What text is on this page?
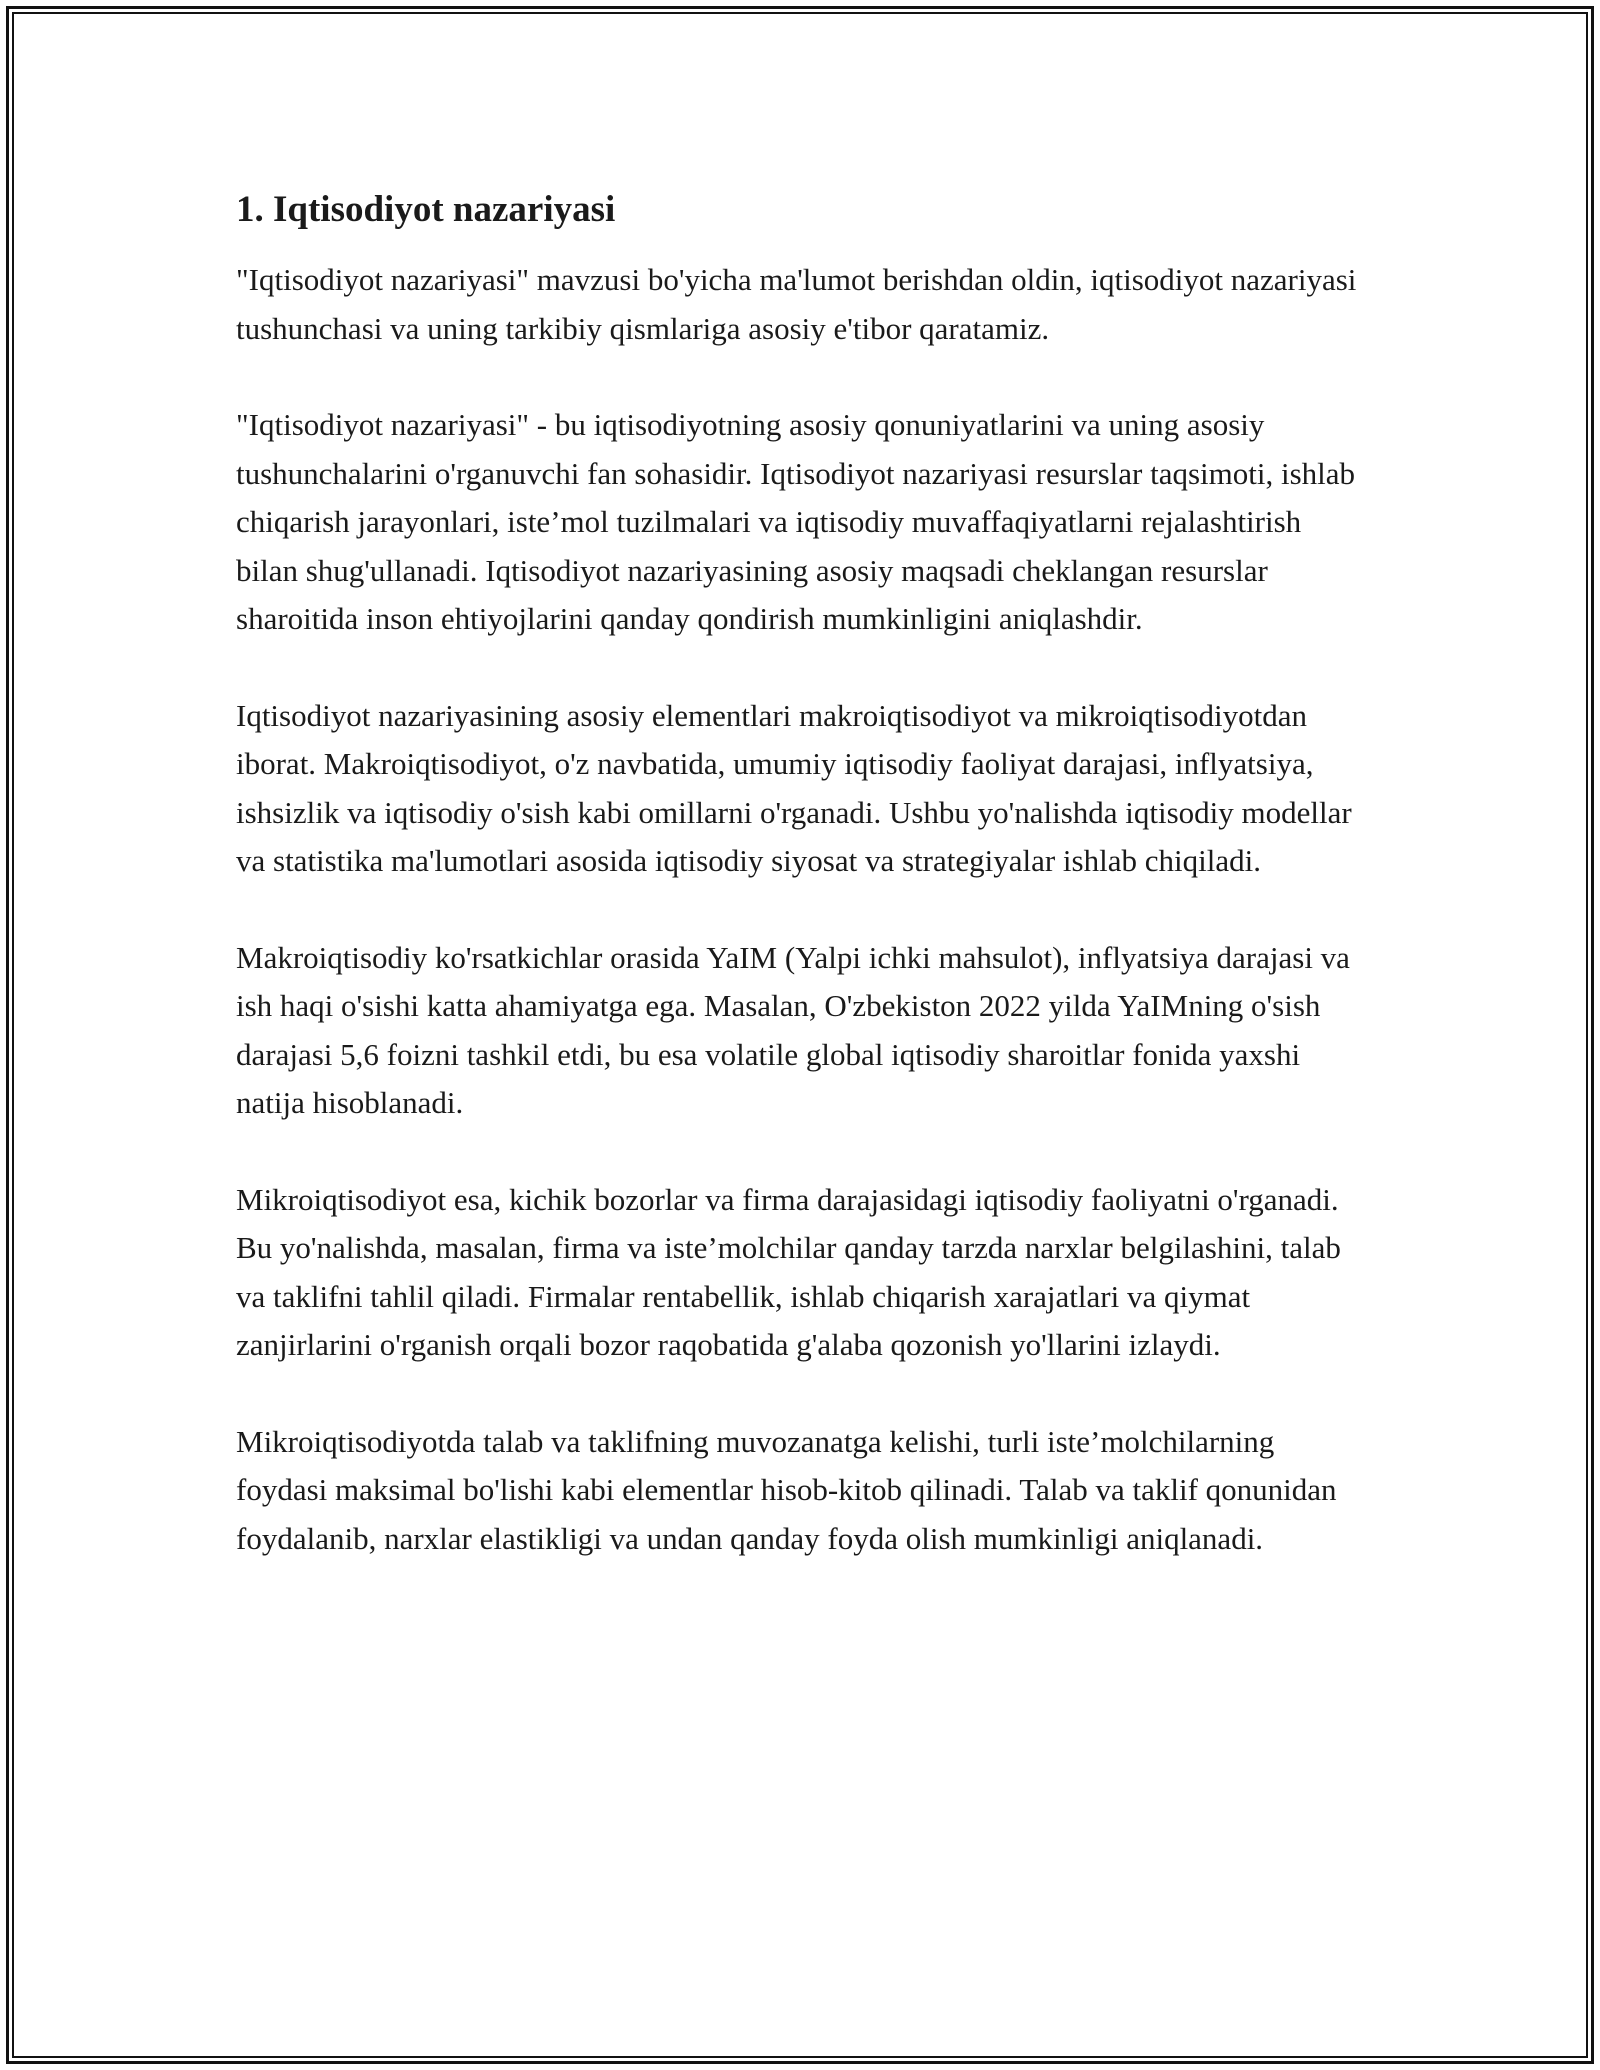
1. Iqtisodiyot nazariyasi

"Iqtisodiyot nazariyasi" mavzusi bo'yicha ma'lumot berishdan oldin, iqtisodiyot nazariyasi tushunchasi va uning tarkibiy qismlariga asosiy e'tibor qaratamiz.

"Iqtisodiyot nazariyasi" - bu iqtisodiyotning asosiy qonuniyatlarini va uning asosiy tushunchalarini o'rganuvchi fan sohasidir. Iqtisodiyot nazariyasi resurslar taqsimoti, ishlab chiqarish jarayonlari, iste’mol tuzilmalari va iqtisodiy muvaffaqiyatlarni rejalashtirish bilan shug'ullanadi. Iqtisodiyot nazariyasining asosiy maqsadi cheklangan resurslar sharoitida inson ehtiyojlarini qanday qondirish mumkinligini aniqlashdir.

Iqtisodiyot nazariyasining asosiy elementlari makroiqtisodiyot va mikroiqtisodiyotdan iborat. Makroiqtisodiyot, o'z navbatida, umumiy iqtisodiy faoliyat darajasi, inflyatsiya, ishsizlik va iqtisodiy o'sish kabi omillarni o'rganadi. Ushbu yo'nalishda iqtisodiy modellar va statistika ma'lumotlari asosida iqtisodiy siyosat va strategiyalar ishlab chiqiladi.

Makroiqtisodiy ko'rsatkichlar orasida YaIM (Yalpi ichki mahsulot), inflyatsiya darajasi va ish haqi o'sishi katta ahamiyatga ega. Masalan, O'zbekiston 2022 yilda YaIMning o'sish darajasi 5,6 foizni tashkil etdi, bu esa volatile global iqtisodiy sharoitlar fonida yaxshi natija hisoblanadi.

Mikroiqtisodiyot esa, kichik bozorlar va firma darajasidagi iqtisodiy faoliyatni o'rganadi. Bu yo'nalishda, masalan, firma va iste’molchilar qanday tarzda narxlar belgilashini, talab va taklifni tahlil qiladi. Firmalar rentabellik, ishlab chiqarish xarajatlari va qiymat zanjirlarini o'rganish orqali bozor raqobatida g'alaba qozonish yo'llarini izlaydi.

Mikroiqtisodiyotda talab va taklifning muvozanatga kelishi, turli iste’molchilarning foydasi maksimal bo'lishi kabi elementlar hisob-kitob qilinadi. Talab va taklif qonunidan foydalanib, narxlar elastikligi va undan qanday foyda olish mumkinligi aniqlanadi.
